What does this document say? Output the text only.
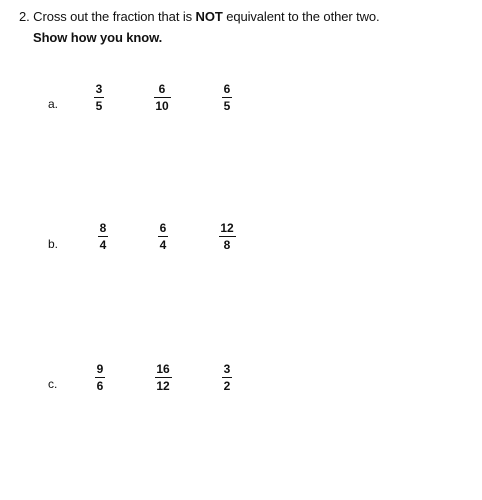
2. Cross out the fraction that is NOT equivalent to the other two.
Show how you know.
a.
3
5
6
10
6
5
b.
8
4
6
4
12
8
c.
9
6
16
12
3
2
